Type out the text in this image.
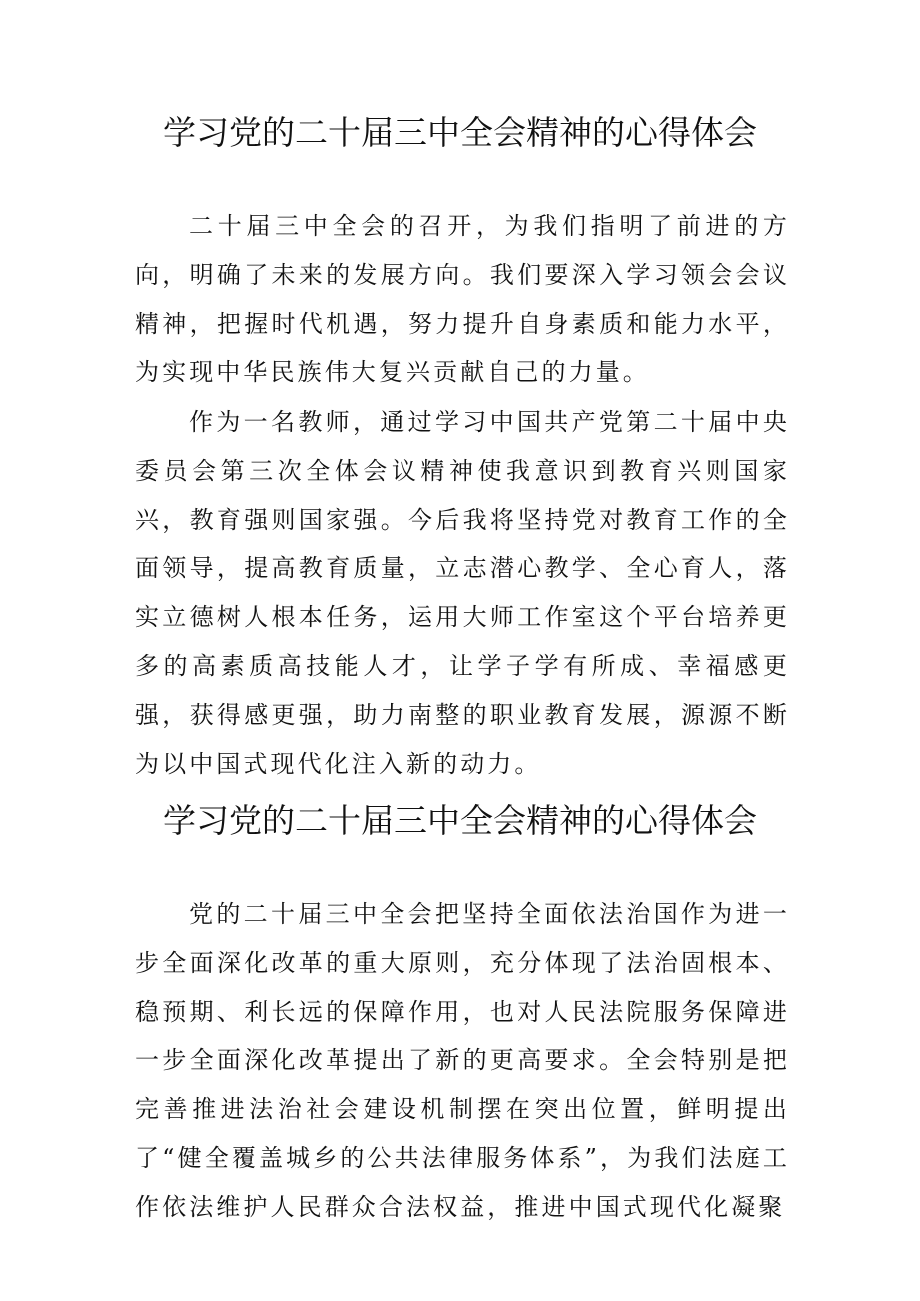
学习党的二十届三中全会精神的心得体会

二十届三中全会的召开，为我们指明了前进的方向，明确了未来的发展方向。我们要深入学习领会会议精神，把握时代机遇，努力提升自身素质和能力水平，为实现中华民族伟大复兴贡献自己的力量。

作为一名教师，通过学习中国共产党第二十届中央委员会第三次全体会议精神使我意识到教育兴则国家兴，教育强则国家强。今后我将坚持党对教育工作的全面领导，提高教育质量，立志潜心教学、全心育人，落实立德树人根本任务，运用大师工作室这个平台培养更多的高素质高技能人才，让学子学有所成、幸福感更强，获得感更强，助力南整的职业教育发展，源源不断为以中国式现代化注入新的动力。

学习党的二十届三中全会精神的心得体会

党的二十届三中全会把坚持全面依法治国作为进一步全面深化改革的重大原则，充分体现了法治固根本、稳预期、利长远的保障作用，也对人民法院服务保障进一步全面深化改革提出了新的更高要求。全会特别是把完善推进法治社会建设机制摆在突出位置，鲜明提出了“健全覆盖城乡的公共法律服务体系”，为我们法庭工作依法维护人民群众合法权益，推进中国式现代化凝聚
